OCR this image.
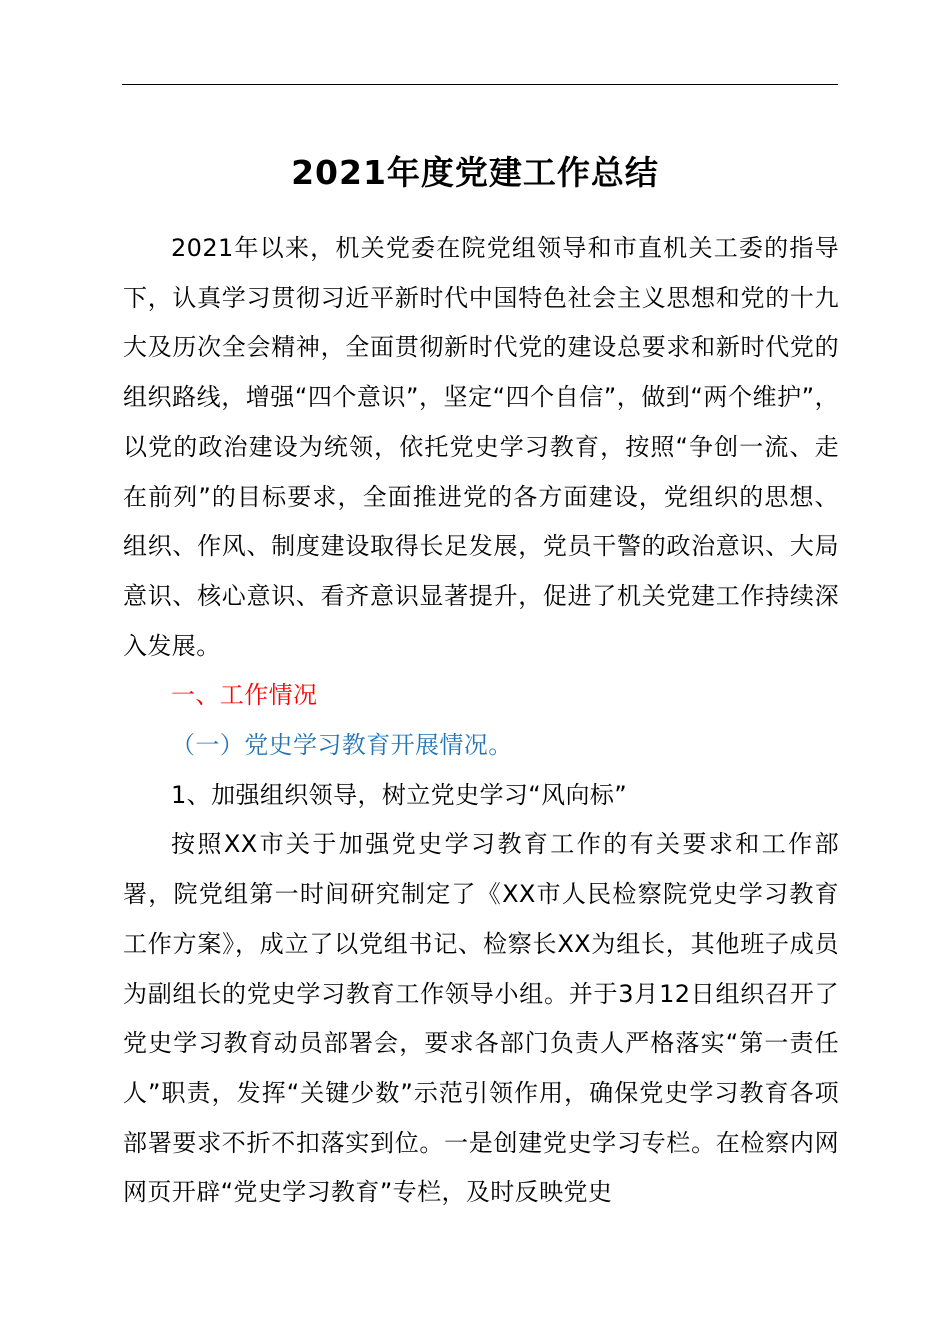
2021年度党建工作总结

2021年以来，机关党委在院党组领导和市直机关工委的指导下，认真学习贯彻习近平新时代中国特色社会主义思想和党的十九大及历次全会精神，全面贯彻新时代党的建设总要求和新时代党的组织路线，增强“四个意识”，坚定“四个自信”，做到“两个维护”，以党的政治建设为统领，依托党史学习教育，按照“争创一流、走在前列”的目标要求，全面推进党的各方面建设，党组织的思想、组织、作风、制度建设取得长足发展，党员干警的政治意识、大局意识、核心意识、看齐意识显著提升，促进了机关党建工作持续深入发展。

一、工作情况

（一）党史学习教育开展情况。

1、加强组织领导，树立党史学习“风向标”

按照XX市关于加强党史学习教育工作的有关要求和工作部署，院党组第一时间研究制定了《XX市人民检察院党史学习教育工作方案》，成立了以党组书记、检察长XX为组长，其他班子成员为副组长的党史学习教育工作领导小组。并于3月12日组织召开了党史学习教育动员部署会，要求各部门负责人严格落实“第一责任人”职责，发挥“关键少数”示范引领作用，确保党史学习教育各项部署要求不折不扣落实到位。一是创建党史学习专栏。在检察内网网页开辟“党史学习教育”专栏，及时反映党史
